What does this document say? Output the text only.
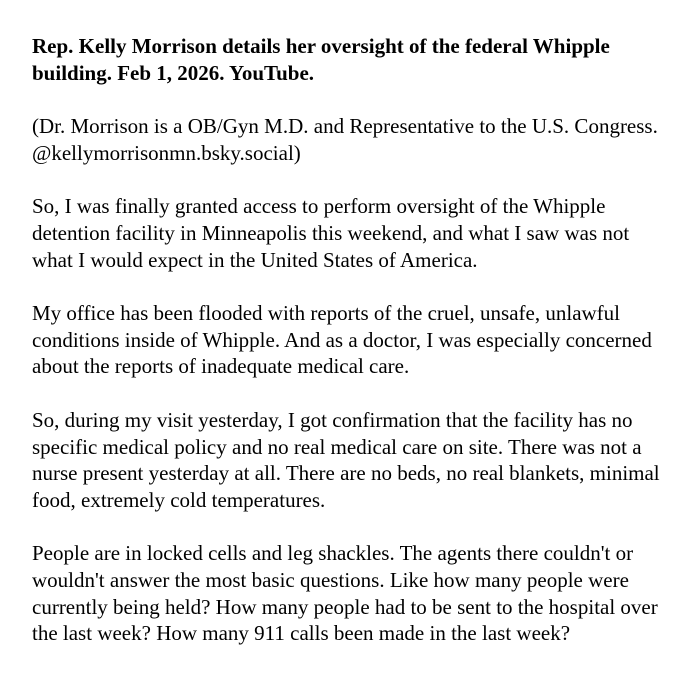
Rep. Kelly Morrison details her oversight of the federal Whipple building. Feb 1, 2026. YouTube.

(Dr. Morrison is a OB/Gyn M.D. and Representative to the U.S. Congress. @kellymorrisonmn.bsky.social)

So, I was finally granted access to perform oversight of the Whipple detention facility in Minneapolis this weekend, and what I saw was not what I would expect in the United States of America.

My office has been flooded with reports of the cruel, unsafe, unlawful conditions inside of Whipple. And as a doctor, I was especially concerned about the reports of inadequate medical care.

So, during my visit yesterday, I got confirmation that the facility has no specific medical policy and no real medical care on site. There was not a nurse present yesterday at all. There are no beds, no real blankets, minimal food, extremely cold temperatures.

People are in locked cells and leg shackles. The agents there couldn't or wouldn't answer the most basic questions. Like how many people were currently being held? How many people had to be sent to the hospital over the last week? How many 911 calls been made in the last week?
